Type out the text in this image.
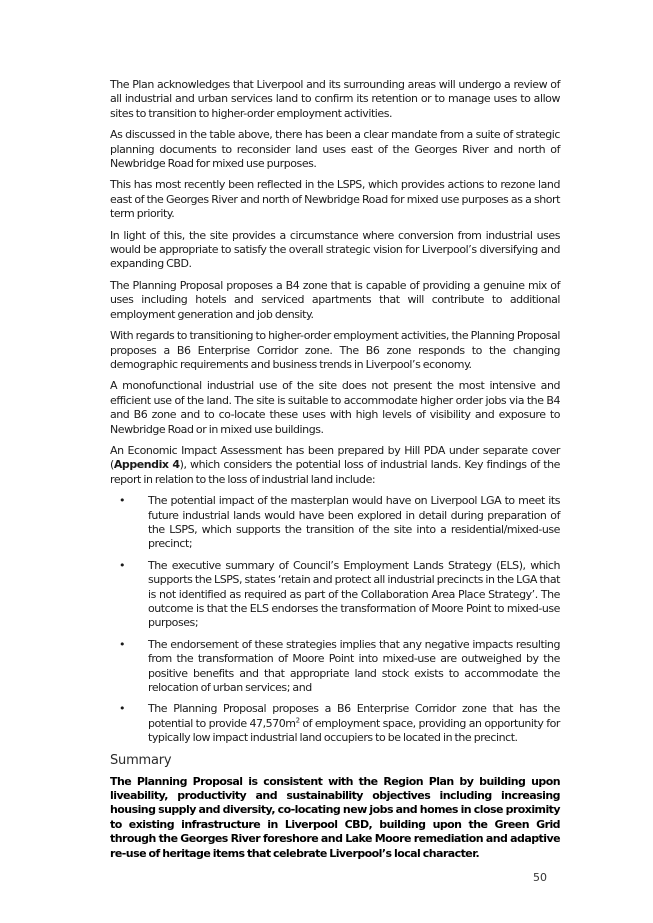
The Plan acknowledges that Liverpool and its surrounding areas will undergo a review of all industrial and urban services land to confirm its retention or to manage uses to allow sites to transition to higher-order employment activities.

As discussed in the table above, there has been a clear mandate from a suite of strategic planning documents to reconsider land uses east of the Georges River and north of Newbridge Road for mixed use purposes.

This has most recently been reflected in the LSPS, which provides actions to rezone land east of the Georges River and north of Newbridge Road for mixed use purposes as a short term priority.

In light of this, the site provides a circumstance where conversion from industrial uses would be appropriate to satisfy the overall strategic vision for Liverpool’s diversifying and expanding CBD.

The Planning Proposal proposes a B4 zone that is capable of providing a genuine mix of uses including hotels and serviced apartments that will contribute to additional employment generation and job density.

With regards to transitioning to higher-order employment activities, the Planning Proposal proposes a B6 Enterprise Corridor zone. The B6 zone responds to the changing demographic requirements and business trends in Liverpool’s economy.

A monofunctional industrial use of the site does not present the most intensive and efficient use of the land. The site is suitable to accommodate higher order jobs via the B4 and B6 zone and to co-locate these uses with high levels of visibility and exposure to Newbridge Road or in mixed use buildings.

An Economic Impact Assessment has been prepared by Hill PDA under separate cover (Appendix 4), which considers the potential loss of industrial lands. Key findings of the report in relation to the loss of industrial land include:

• The potential impact of the masterplan would have on Liverpool LGA to meet its future industrial lands would have been explored in detail during preparation of the LSPS, which supports the transition of the site into a residential/mixed-use precinct;
• The executive summary of Council’s Employment Lands Strategy (ELS), which supports the LSPS, states ‘retain and protect all industrial precincts in the LGA that is not identified as required as part of the Collaboration Area Place Strategy’. The outcome is that the ELS endorses the transformation of Moore Point to mixed-use purposes;
• The endorsement of these strategies implies that any negative impacts resulting from the transformation of Moore Point into mixed-use are outweighed by the positive benefits and that appropriate land stock exists to accommodate the relocation of urban services; and
• The Planning Proposal proposes a B6 Enterprise Corridor zone that has the potential to provide $47,570m^2$ of employment space, providing an opportunity for typically low impact industrial land occupiers to be located in the precinct.
Summary

The Planning Proposal is consistent with the Region Plan by building upon liveability, productivity and sustainability objectives including increasing housing supply and diversity, co-locating new jobs and homes in close proximity to existing infrastructure in Liverpool CBD, building upon the Green Grid through the Georges River foreshore and Lake Moore remediation and adaptive re-use of heritage items that celebrate Liverpool’s local character.

50
